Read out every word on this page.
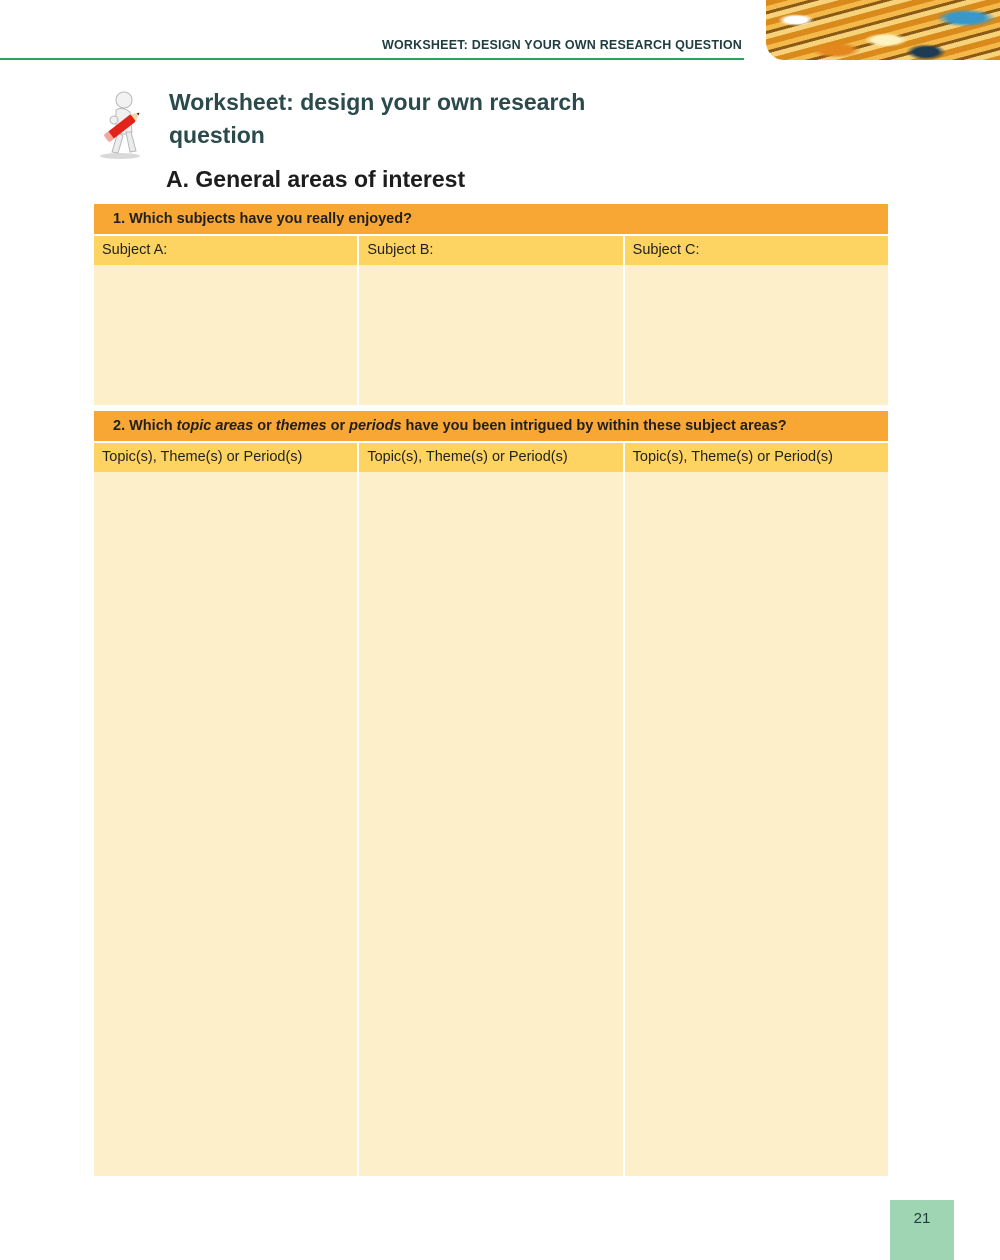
WORKSHEET: DESIGN YOUR OWN RESEARCH QUESTION
Worksheet: design your own research
question
A. General areas of interest
1. Which subjects have you really enjoyed?
Subject A:	Subject B:	Subject C:
2. Which topic areas or themes or periods have you been intrigued by within these subject areas?
Topic(s), Theme(s) or Period(s)	Topic(s), Theme(s) or Period(s)	Topic(s), Theme(s) or Period(s)
21
